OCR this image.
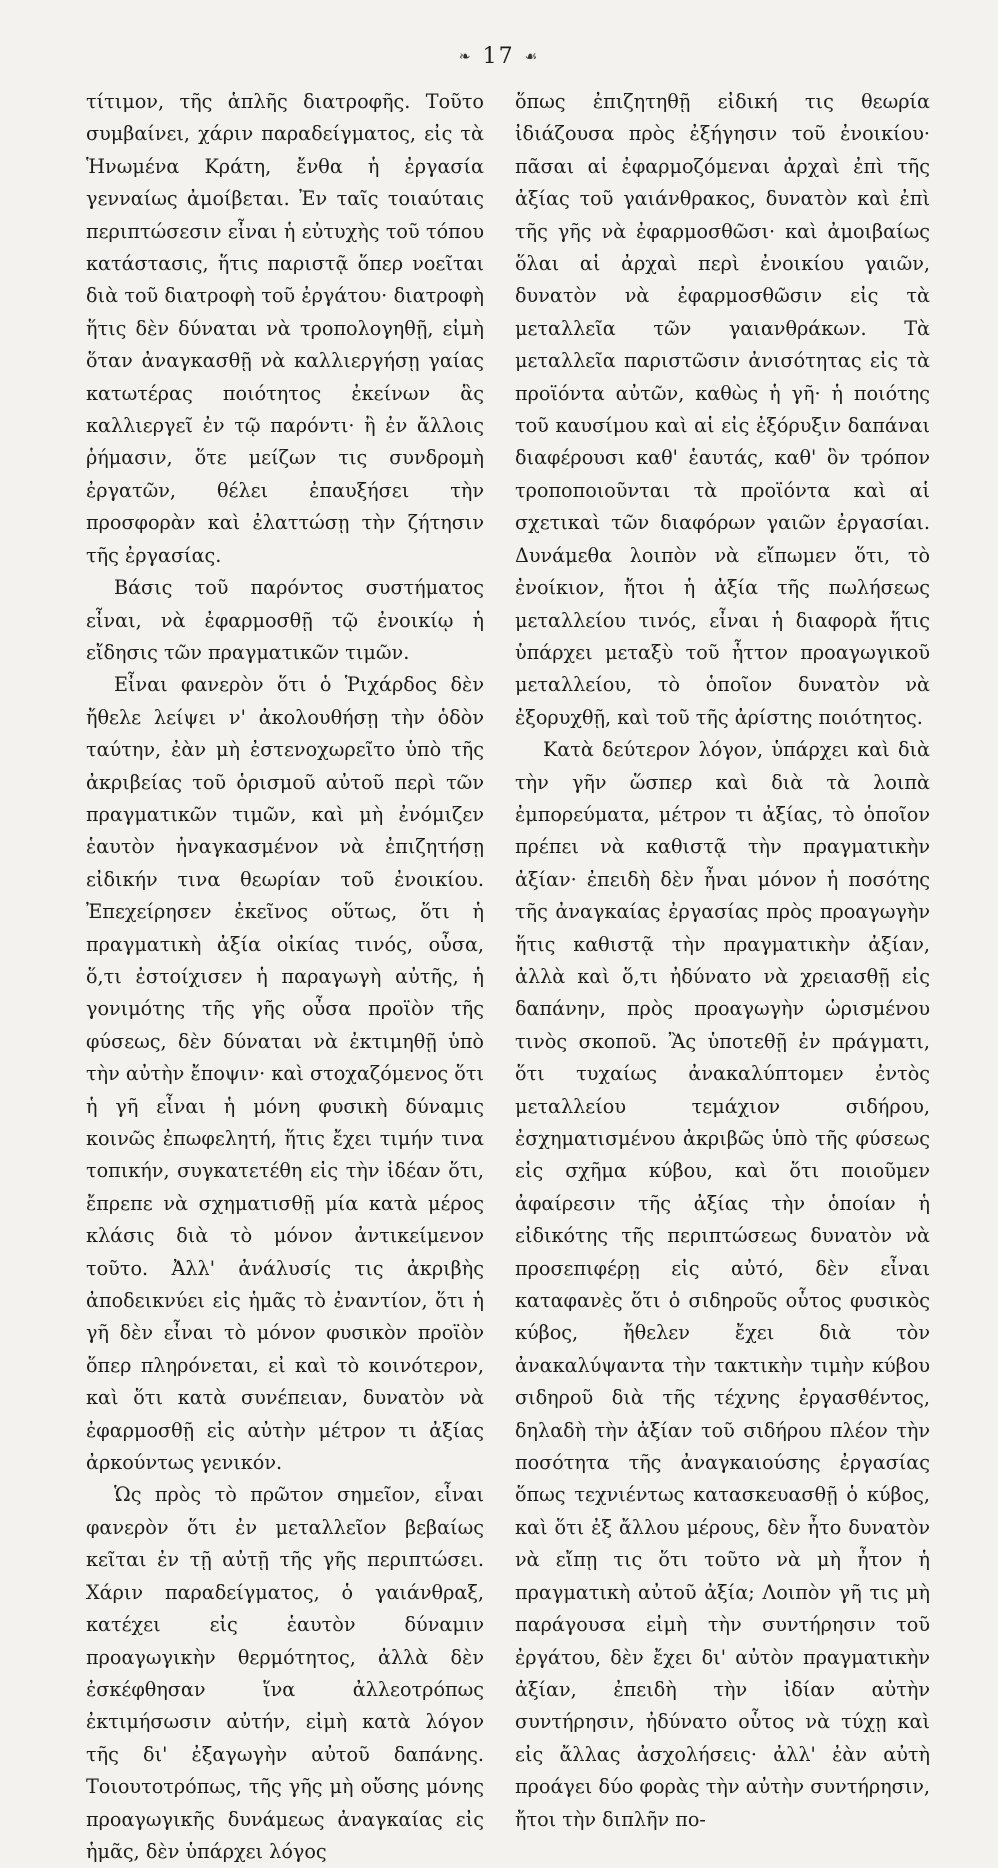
❧ 17 ☙

τίτιμον, τῆς ἁπλῆς διατροφῆς. Τοῦτο συμβαίνει, χάριν παραδείγματος, εἰς τὰ Ἡνωμένα Κράτη, ἔνθα ἡ ἐργασία γενναίως ἀμοίβεται. Ἐν ταῖς τοιαύταις περιπτώσεσιν εἶναι ἡ εὐτυχὴς τοῦ τόπου κατάστασις, ἥτις παριστᾷ ὅπερ νοεῖται διὰ τοῦ διατροφὴ τοῦ ἐργάτου· διατροφὴ ἥτις δὲν δύναται νὰ τροπολογηθῇ, εἰμὴ ὅταν ἀναγκασθῇ νὰ καλλιεργήσῃ γαίας κατωτέρας ποιότητος ἐκείνων ἃς καλλιεργεῖ ἐν τῷ παρόντι· ἢ ἐν ἄλλοις ῥήμασιν, ὅτε μείζων τις συνδρομὴ ἐργατῶν, θέλει ἐπαυξήσει τὴν προσφορὰν καὶ ἐλαττώσῃ τὴν ζήτησιν τῆς ἐργασίας.

Βάσις τοῦ παρόντος συστήματος εἶναι, νὰ ἐφαρμοσθῇ τῷ ἐνοικίῳ ἡ εἴδησις τῶν πραγματικῶν τιμῶν.

Εἶναι φανερὸν ὅτι ὁ Ῥιχάρδος δὲν ἤθελε λείψει ν' ἀκολουθήσῃ τὴν ὁδὸν ταύτην, ἐὰν μὴ ἐστενοχωρεῖτο ὑπὸ τῆς ἀκριβείας τοῦ ὁρισμοῦ αὐτοῦ περὶ τῶν πραγματικῶν τιμῶν, καὶ μὴ ἐνόμιζεν ἑαυτὸν ἠναγκασμένον νὰ ἐπιζητήσῃ εἰδικήν τινα θεωρίαν τοῦ ἐνοικίου. Ἐπεχείρησεν ἐκεῖνος οὕτως, ὅτι ἡ πραγματικὴ ἀξία οἰκίας τινός, οὖσα, ὅ,τι ἐστοίχισεν ἡ παραγωγὴ αὐτῆς, ἡ γονιμότης τῆς γῆς οὖσα προϊὸν τῆς φύσεως, δὲν δύναται νὰ ἐκτιμηθῇ ὑπὸ τὴν αὐτὴν ἔποψιν· καὶ στοχαζόμενος ὅτι ἡ γῆ εἶναι ἡ μόνη φυσικὴ δύναμις κοινῶς ἐπωφελητή, ἥτις ἔχει τιμήν τινα τοπικήν, συγκατετέθη εἰς τὴν ἰδέαν ὅτι, ἔπρεπε νὰ σχηματισθῇ μία κατὰ μέρος κλάσις διὰ τὸ μόνον ἀντικείμενον τοῦτο. Ἀλλ' ἀνάλυσίς τις ἀκριβὴς ἀποδεικνύει εἰς ἡμᾶς τὸ ἐναντίον, ὅτι ἡ γῆ δὲν εἶναι τὸ μόνον φυσικὸν προϊὸν ὅπερ πληρόνεται, εἰ καὶ τὸ κοινότερον, καὶ ὅτι κατὰ συνέπειαν, δυνατὸν νὰ ἐφαρμοσθῇ εἰς αὐτὴν μέτρον τι ἀξίας ἀρκούντως γενικόν.

Ὡς πρὸς τὸ πρῶτον σημεῖον, εἶναι φανερὸν ὅτι ἐν μεταλλεῖον βεβαίως κεῖται ἐν τῇ αὐτῇ τῆς γῆς περιπτώσει. Χάριν παραδείγματος, ὁ γαιάνθραξ, κατέχει εἰς ἑαυτὸν δύναμιν προαγωγικὴν θερμότητος, ἀλλὰ δὲν ἐσκέφθησαν ἵνα ἀλλεοτρόπως ἐκτιμήσωσιν αὐτήν, εἰμὴ κατὰ λόγον τῆς δι' ἐξαγωγὴν αὐτοῦ δαπάνης. Τοιουτοτρόπως, τῆς γῆς μὴ οὔσης μόνης προαγωγικῆς δυνάμεως ἀναγκαίας εἰς ἡμᾶς, δὲν ὑπάρχει λόγος

ὅπως ἐπιζητηθῇ εἰδική τις θεωρία ἰδιάζουσα πρὸς ἐξήγησιν τοῦ ἐνοικίου· πᾶσαι αἱ ἐφαρμοζόμεναι ἀρχαὶ ἐπὶ τῆς ἀξίας τοῦ γαιάνθρακος, δυνατὸν καὶ ἐπὶ τῆς γῆς νὰ ἐφαρμοσθῶσι· καὶ ἀμοιβαίως ὅλαι αἱ ἀρχαὶ περὶ ἐνοικίου γαιῶν, δυνατὸν νὰ ἐφαρμοσθῶσιν εἰς τὰ μεταλλεῖα τῶν γαιανθράκων. Τὰ μεταλλεῖα παριστῶσιν ἀνισότητας εἰς τὰ προϊόντα αὐτῶν, καθὼς ἡ γῆ· ἡ ποιότης τοῦ καυσίμου καὶ αἱ εἰς ἐξόρυξιν δαπάναι διαφέρουσι καθ' ἑαυτάς, καθ' ὃν τρόπον τροποποιοῦνται τὰ προϊόντα καὶ αἱ σχετικαὶ τῶν διαφόρων γαιῶν ἐργασίαι. Δυνάμεθα λοιπὸν νὰ εἴπωμεν ὅτι, τὸ ἐνοίκιον, ἤτοι ἡ ἀξία τῆς πωλήσεως μεταλλείου τινός, εἶναι ἡ διαφορὰ ἥτις ὑπάρχει μεταξὺ τοῦ ἧττον προαγωγικοῦ μεταλλείου, τὸ ὁποῖον δυνατὸν νὰ ἐξορυχθῇ, καὶ τοῦ τῆς ἀρίστης ποιότητος.

Κατὰ δεύτερον λόγον, ὑπάρχει καὶ διὰ τὴν γῆν ὥσπερ καὶ διὰ τὰ λοιπὰ ἐμπορεύματα, μέτρον τι ἀξίας, τὸ ὁποῖον πρέπει νὰ καθιστᾷ τὴν πραγματικὴν ἀξίαν· ἐπειδὴ δὲν ἦναι μόνον ἡ ποσότης τῆς ἀναγκαίας ἐργασίας πρὸς προαγωγὴν ἥτις καθιστᾷ τὴν πραγματικὴν ἀξίαν, ἀλλὰ καὶ ὅ,τι ἠδύνατο νὰ χρειασθῇ εἰς δαπάνην, πρὸς προαγωγὴν ὡρισμένου τινὸς σκοποῦ. Ἂς ὑποτεθῇ ἐν πράγματι, ὅτι τυχαίως ἀνακαλύπτομεν ἐντὸς μεταλλείου τεμάχιον σιδήρου, ἐσχηματισμένου ἀκριβῶς ὑπὸ τῆς φύσεως εἰς σχῆμα κύβου, καὶ ὅτι ποιοῦμεν ἀφαίρεσιν τῆς ἀξίας τὴν ὁποίαν ἡ εἰδικότης τῆς περιπτώσεως δυνατὸν νὰ προσεπιφέρῃ εἰς αὐτό, δὲν εἶναι καταφανὲς ὅτι ὁ σιδηροῦς οὗτος φυσικὸς κύβος, ἤθελεν ἔχει διὰ τὸν ἀνακαλύψαντα τὴν τακτικὴν τιμὴν κύβου σιδηροῦ διὰ τῆς τέχνης ἐργασθέντος, δηλαδὴ τὴν ἀξίαν τοῦ σιδήρου πλέον τὴν ποσότητα τῆς ἀναγκαιούσης ἐργασίας ὅπως τεχνιέντως κατασκευασθῇ ὁ κύβος, καὶ ὅτι ἐξ ἄλλου μέρους, δὲν ἦτο δυνατὸν νὰ εἴπῃ τις ὅτι τοῦτο νὰ μὴ ἦτον ἡ πραγματικὴ αὐτοῦ ἀξία; Λοιπὸν γῆ τις μὴ παράγουσα εἰμὴ τὴν συντήρησιν τοῦ ἐργάτου, δὲν ἔχει δι' αὐτὸν πραγματικὴν ἀξίαν, ἐπειδὴ τὴν ἰδίαν αὐτὴν συντήρησιν, ἠδύνατο οὗτος νὰ τύχῃ καὶ εἰς ἄλλας ἀσχολήσεις· ἀλλ' ἐὰν αὐτὴ προάγει δύο φορὰς τὴν αὐτὴν συντήρησιν, ἤτοι τὴν διπλῆν πο-
